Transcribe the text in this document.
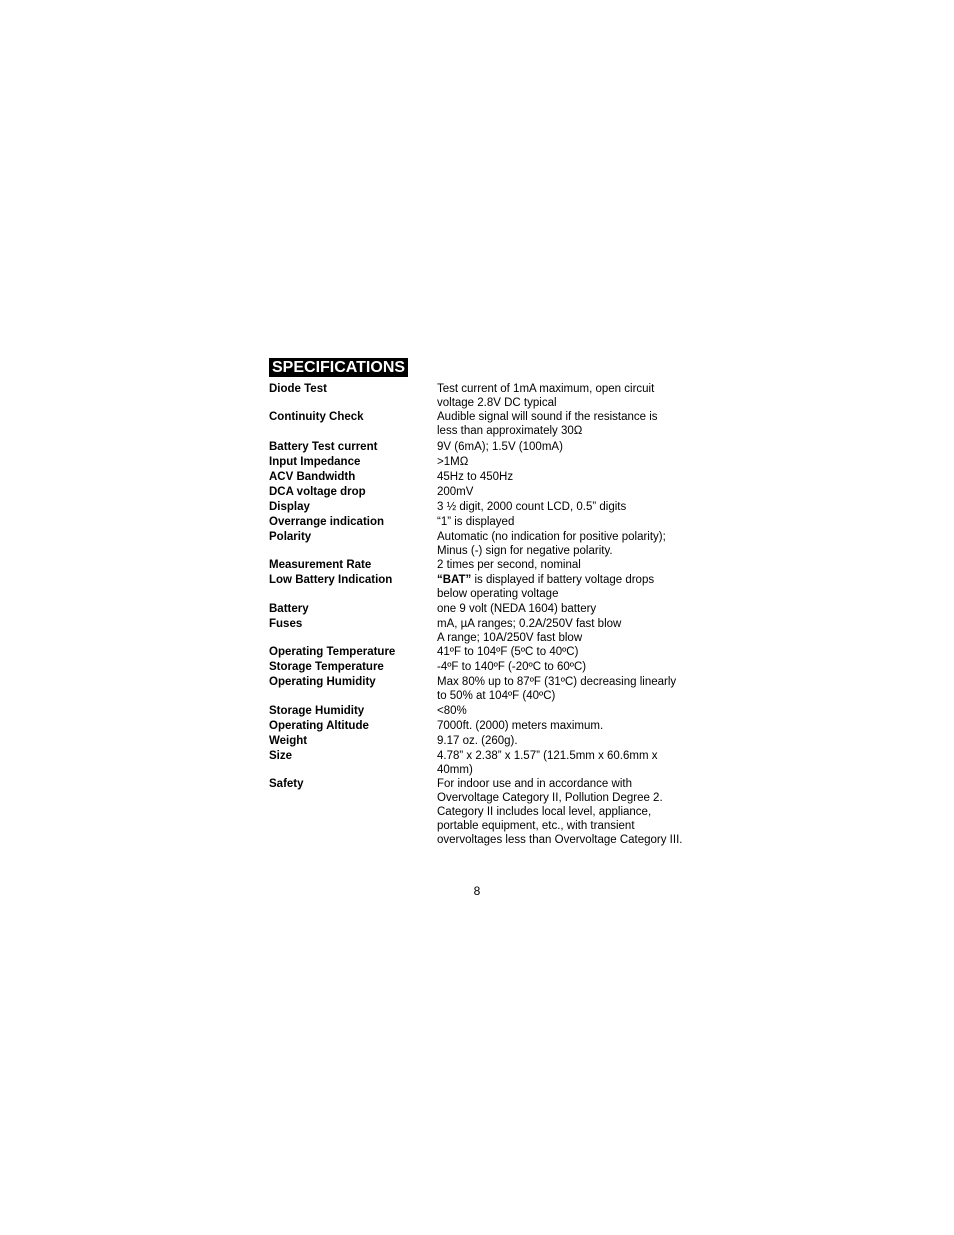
SPECIFICATIONS
Diode Test	Test current of 1mA maximum, open circuit
voltage 2.8V DC typical
Continuity Check	Audible signal will sound if the resistance is
less than approximately 30Ω
Battery Test current	9V (6mA); 1.5V (100mA)
Input Impedance	>1MΩ
ACV Bandwidth	45Hz to 450Hz
DCA voltage drop	200mV
Display	3 ½ digit, 2000 count LCD, 0.5” digits
Overrange indication	“1” is displayed
Polarity	Automatic (no indication for positive polarity);
Minus (-) sign for negative polarity.
Measurement Rate	2 times per second, nominal
Low Battery Indication	“BAT” is displayed if battery voltage drops
below operating voltage
Battery	one 9 volt (NEDA 1604) battery
Fuses	mA, µA ranges; 0.2A/250V fast blow
A range; 10A/250V fast blow
Operating Temperature	41ºF to 104ºF (5ºC to 40ºC)
Storage Temperature	-4ºF to 140ºF (-20ºC to 60ºC)
Operating Humidity	Max 80% up to 87ºF (31ºC) decreasing linearly
to 50% at 104ºF (40ºC)
Storage Humidity	<80%
Operating Altitude	7000ft. (2000) meters maximum.
Weight	9.17 oz. (260g).
Size	4.78” x 2.38” x 1.57” (121.5mm x 60.6mm x
40mm)
Safety	For indoor use and in accordance with
Overvoltage Category II, Pollution Degree 2.
Category II includes local level, appliance,
portable equipment, etc., with transient
overvoltages less than Overvoltage Category III.
8
